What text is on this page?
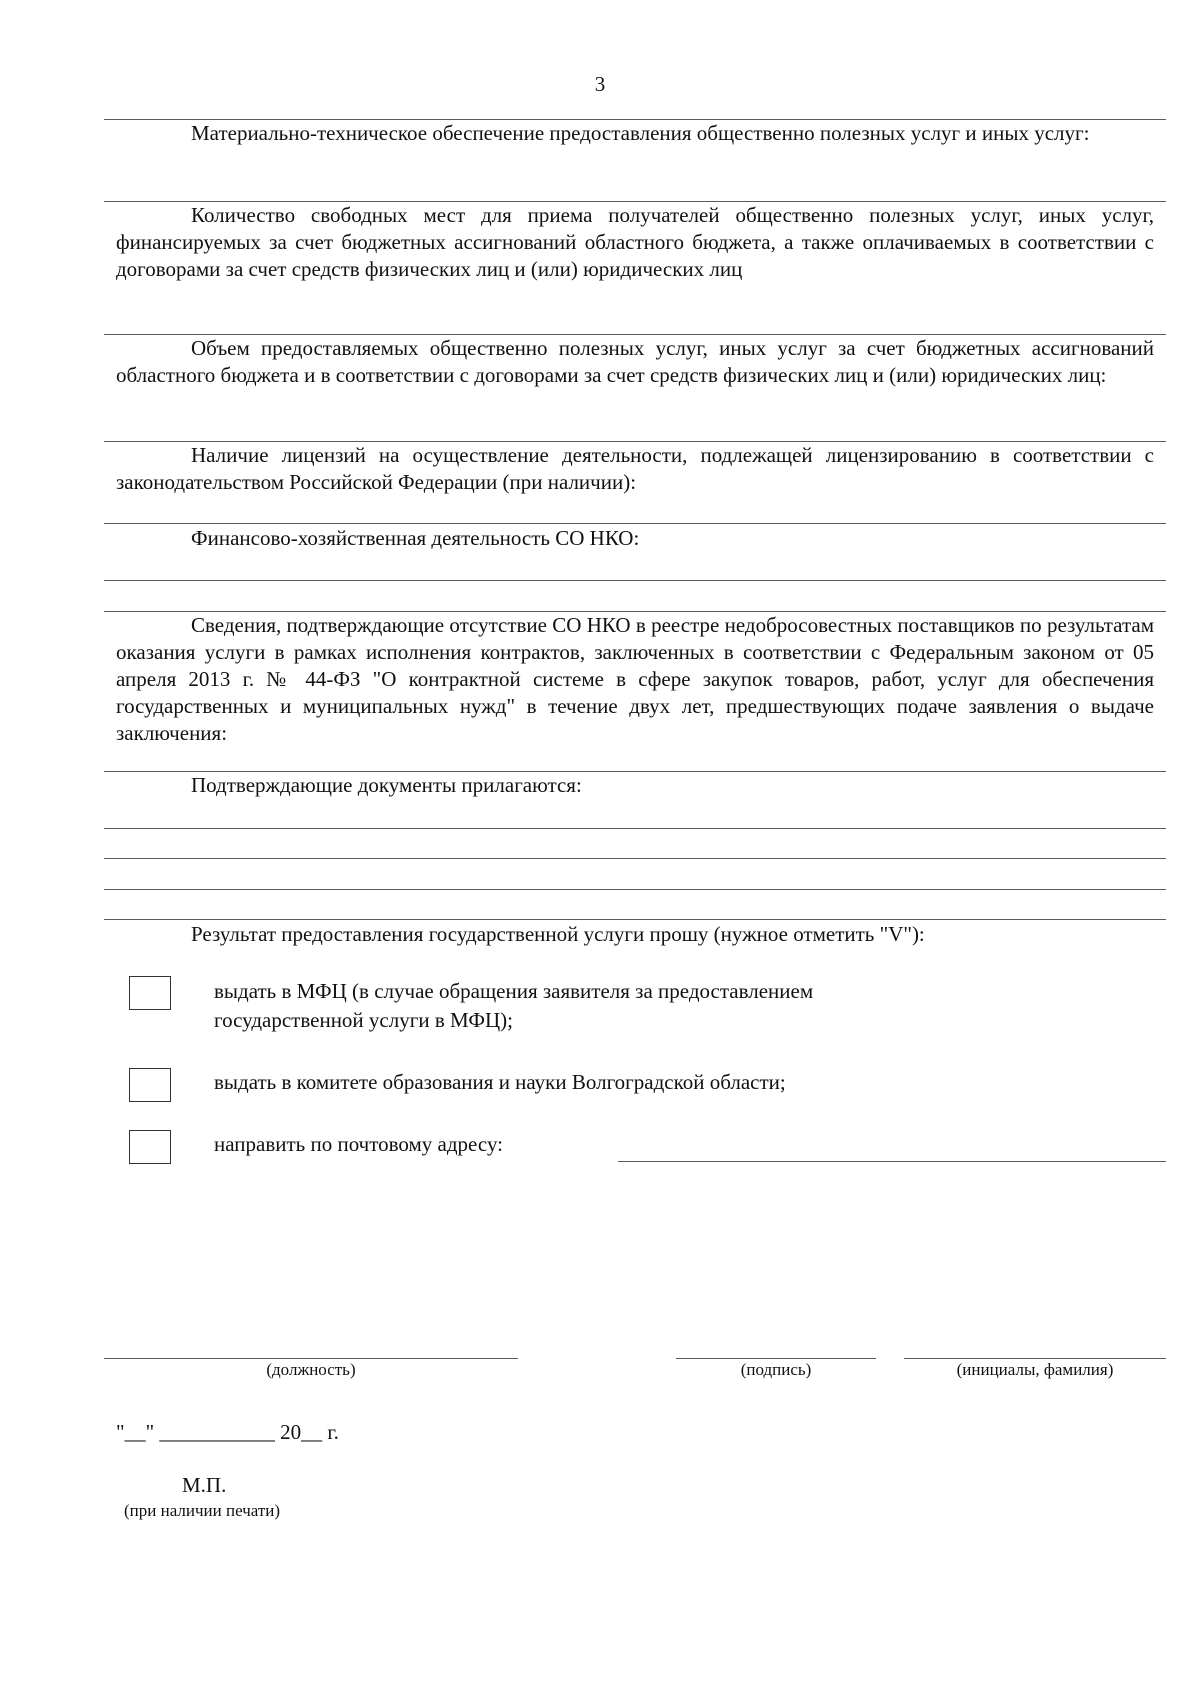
3
Материально-техническое обеспечение предоставления общественно полезных услуг и иных услуг:
Количество свободных мест для приема получателей общественно полезных услуг, иных услуг, финансируемых за счет бюджетных ассигнований областного бюджета, а также оплачиваемых в соответствии с договорами за счет средств физических лиц и (или) юридических лиц
Объем предоставляемых общественно полезных услуг, иных услуг за счет бюджетных ассигнований областного бюджета и в соответствии с договорами за счет средств физических лиц и (или) юридических лиц:
Наличие лицензий на осуществление деятельности, подлежащей лицензированию в соответствии с законодательством Российской Федерации (при наличии):
Финансово-хозяйственная деятельность СО НКО:
Сведения, подтверждающие отсутствие СО НКО в реестре недобросовестных поставщиков по результатам оказания услуги в рамках исполнения контрактов, заключенных в соответствии с Федеральным законом от 05 апреля 2013 г. № 44-ФЗ "О контрактной системе в сфере закупок товаров, работ, услуг для обеспечения государственных и муниципальных нужд" в течение двух лет, предшествующих подаче заявления о выдаче заключения:
Подтверждающие документы прилагаются:
Результат предоставления государственной услуги прошу (нужное отметить "V"):
выдать в МФЦ (в случае обращения заявителя за предоставлением
государственной услуги в МФЦ);
выдать в комитете образования и науки Волгоградской области;
направить по почтовому адресу:
(должность)	(подпись)	(инициалы, фамилия)
"__" ___________ 20__ г.
М.П.
(при наличии печати)
